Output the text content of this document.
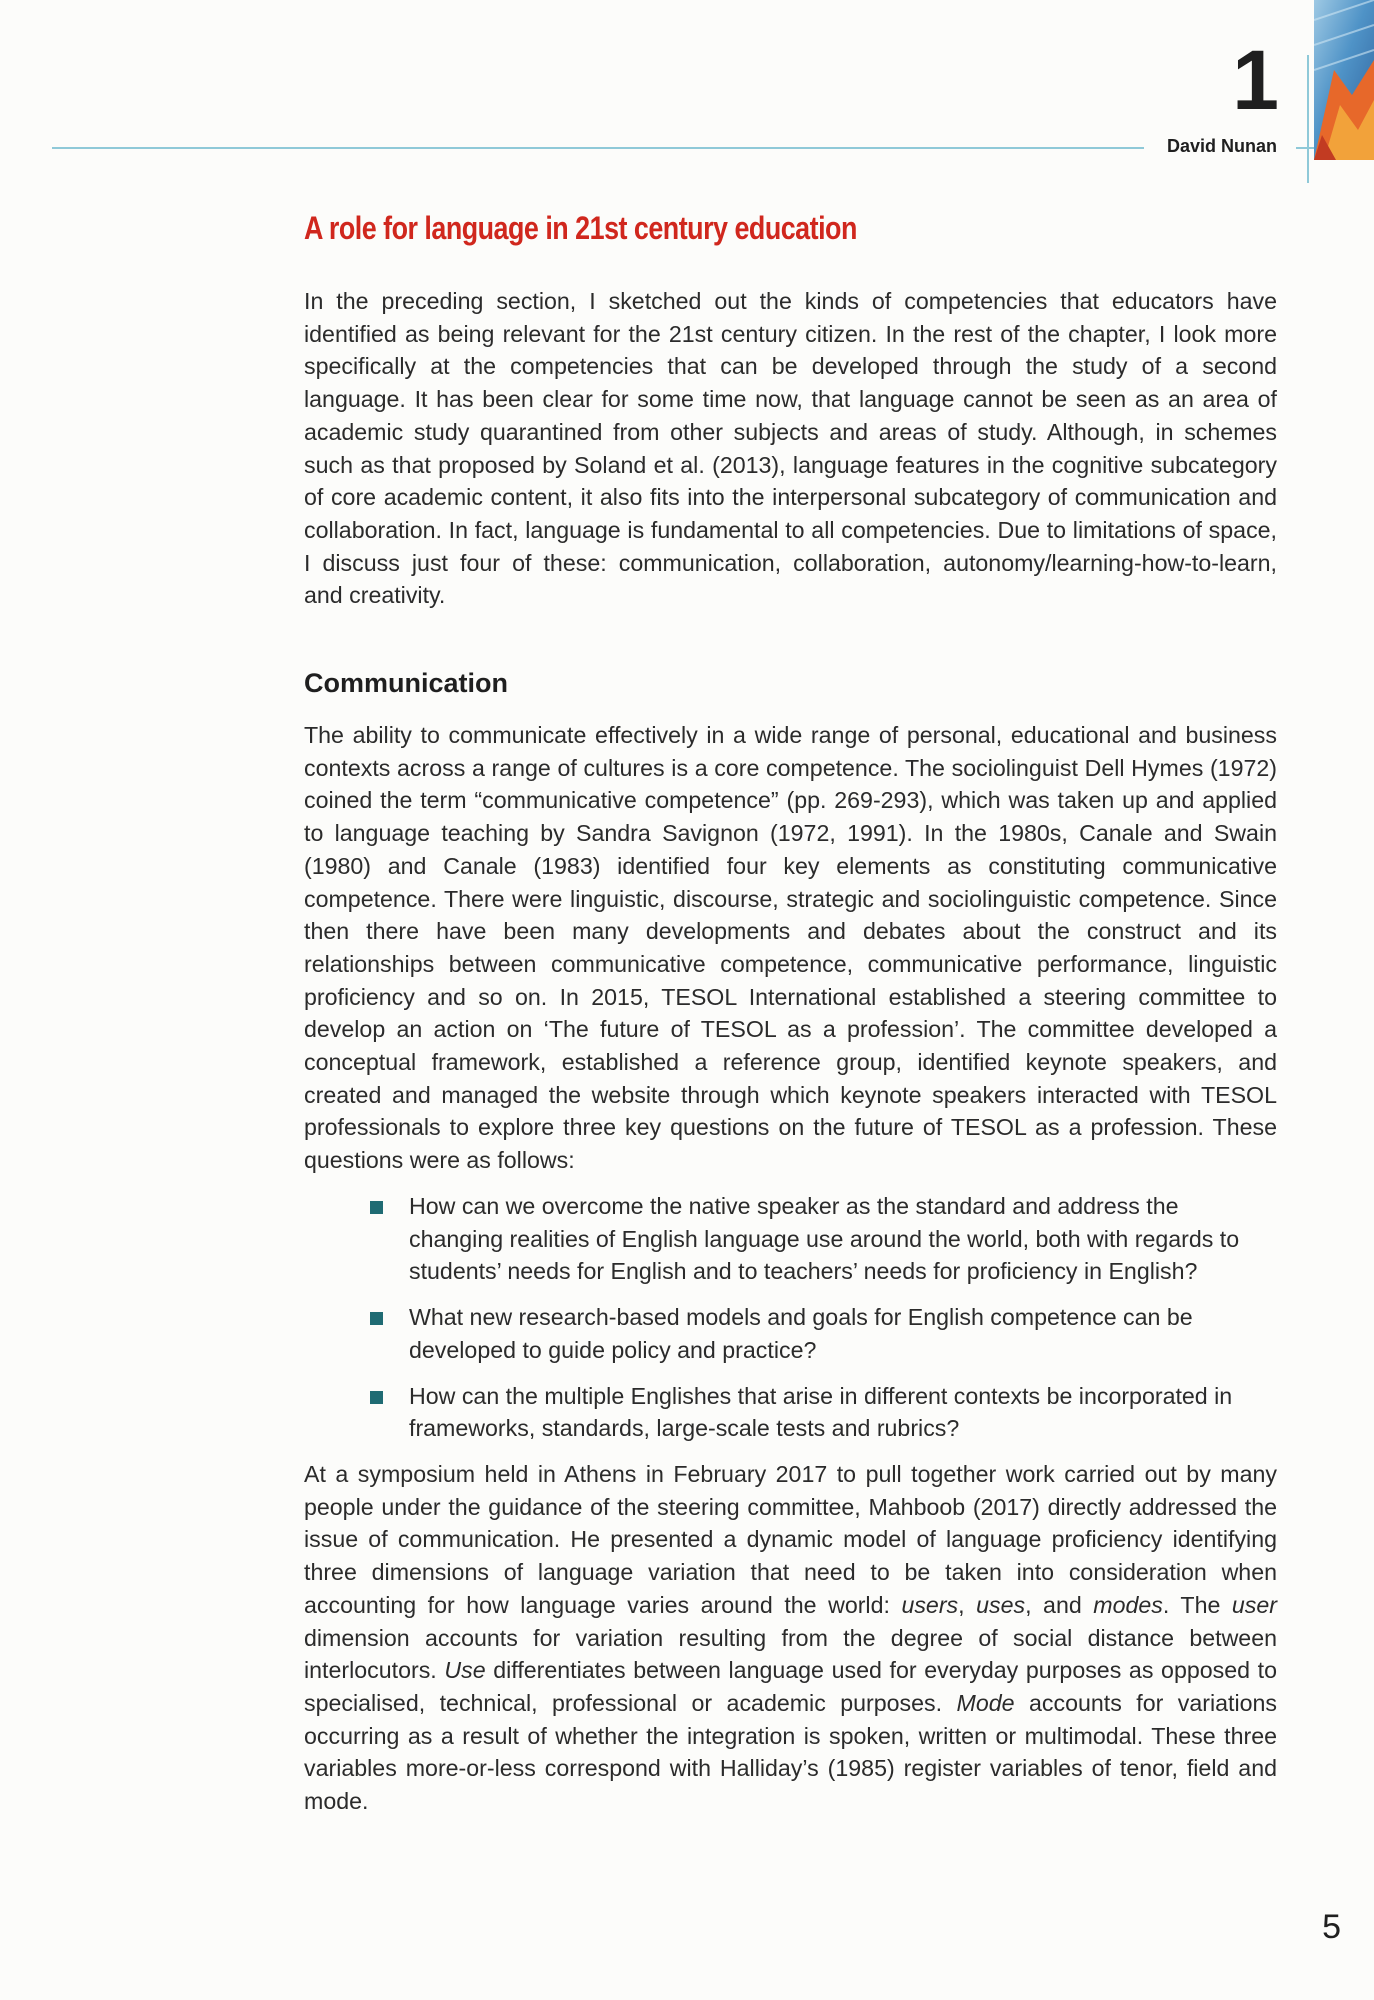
1
David Nunan
A role for language in 21st century education

In the preceding section, I sketched out the kinds of competencies that educators have identified as being relevant for the 21st century citizen. In the rest of the chapter, I look more specifically at the competencies that can be developed through the study of a second language. It has been clear for some time now, that language cannot be seen as an area of academic study quarantined from other subjects and areas of study. Although, in schemes such as that proposed by Soland et al. (2013), language features in the cognitive subcategory of core academic content, it also fits into the interpersonal subcategory of communication and collaboration. In fact, language is fundamental to all competencies. Due to limitations of space, I discuss just four of these: communication, collaboration, autonomy/learning-how-to-learn, and creativity.

Communication

The ability to communicate effectively in a wide range of personal, educational and business contexts across a range of cultures is a core competence. The sociolinguist Dell Hymes (1972) coined the term “communicative competence” (pp. 269-293), which was taken up and applied to language teaching by Sandra Savignon (1972, 1991). In the 1980s, Canale and Swain (1980) and Canale (1983) identified four key elements as constituting communicative competence. There were linguistic, discourse, strategic and sociolinguistic competence. Since then there have been many developments and debates about the construct and its relationships between communicative competence, communicative performance, linguistic proficiency and so on. In 2015, TESOL International established a steering committee to develop an action on ‘The future of TESOL as a profession’. The committee developed a conceptual framework, established a reference group, identified keynote speakers, and created and managed the website through which keynote speakers interacted with TESOL professionals to explore three key questions on the future of TESOL as a profession. These questions were as follows:

How can we overcome the native speaker as the standard and address the changing realities of English language use around the world, both with regards to students’ needs for English and to teachers’ needs for proficiency in English?
What new research-based models and goals for English competence can be developed to guide policy and practice?
How can the multiple Englishes that arise in different contexts be incorporated in frameworks, standards, large-scale tests and rubrics?

At a symposium held in Athens in February 2017 to pull together work carried out by many people under the guidance of the steering committee, Mahboob (2017) directly addressed the issue of communication. He presented a dynamic model of language proficiency identifying three dimensions of language variation that need to be taken into consideration when accounting for how language varies around the world: users, uses, and modes. The user dimension accounts for variation resulting from the degree of social distance between interlocutors. Use differentiates between language used for everyday purposes as opposed to specialised, technical, professional or academic purposes. Mode accounts for variations occurring as a result of whether the integration is spoken, written or multimodal. These three variables more-or-less correspond with Halliday’s (1985) register variables of tenor, field and mode.

5
